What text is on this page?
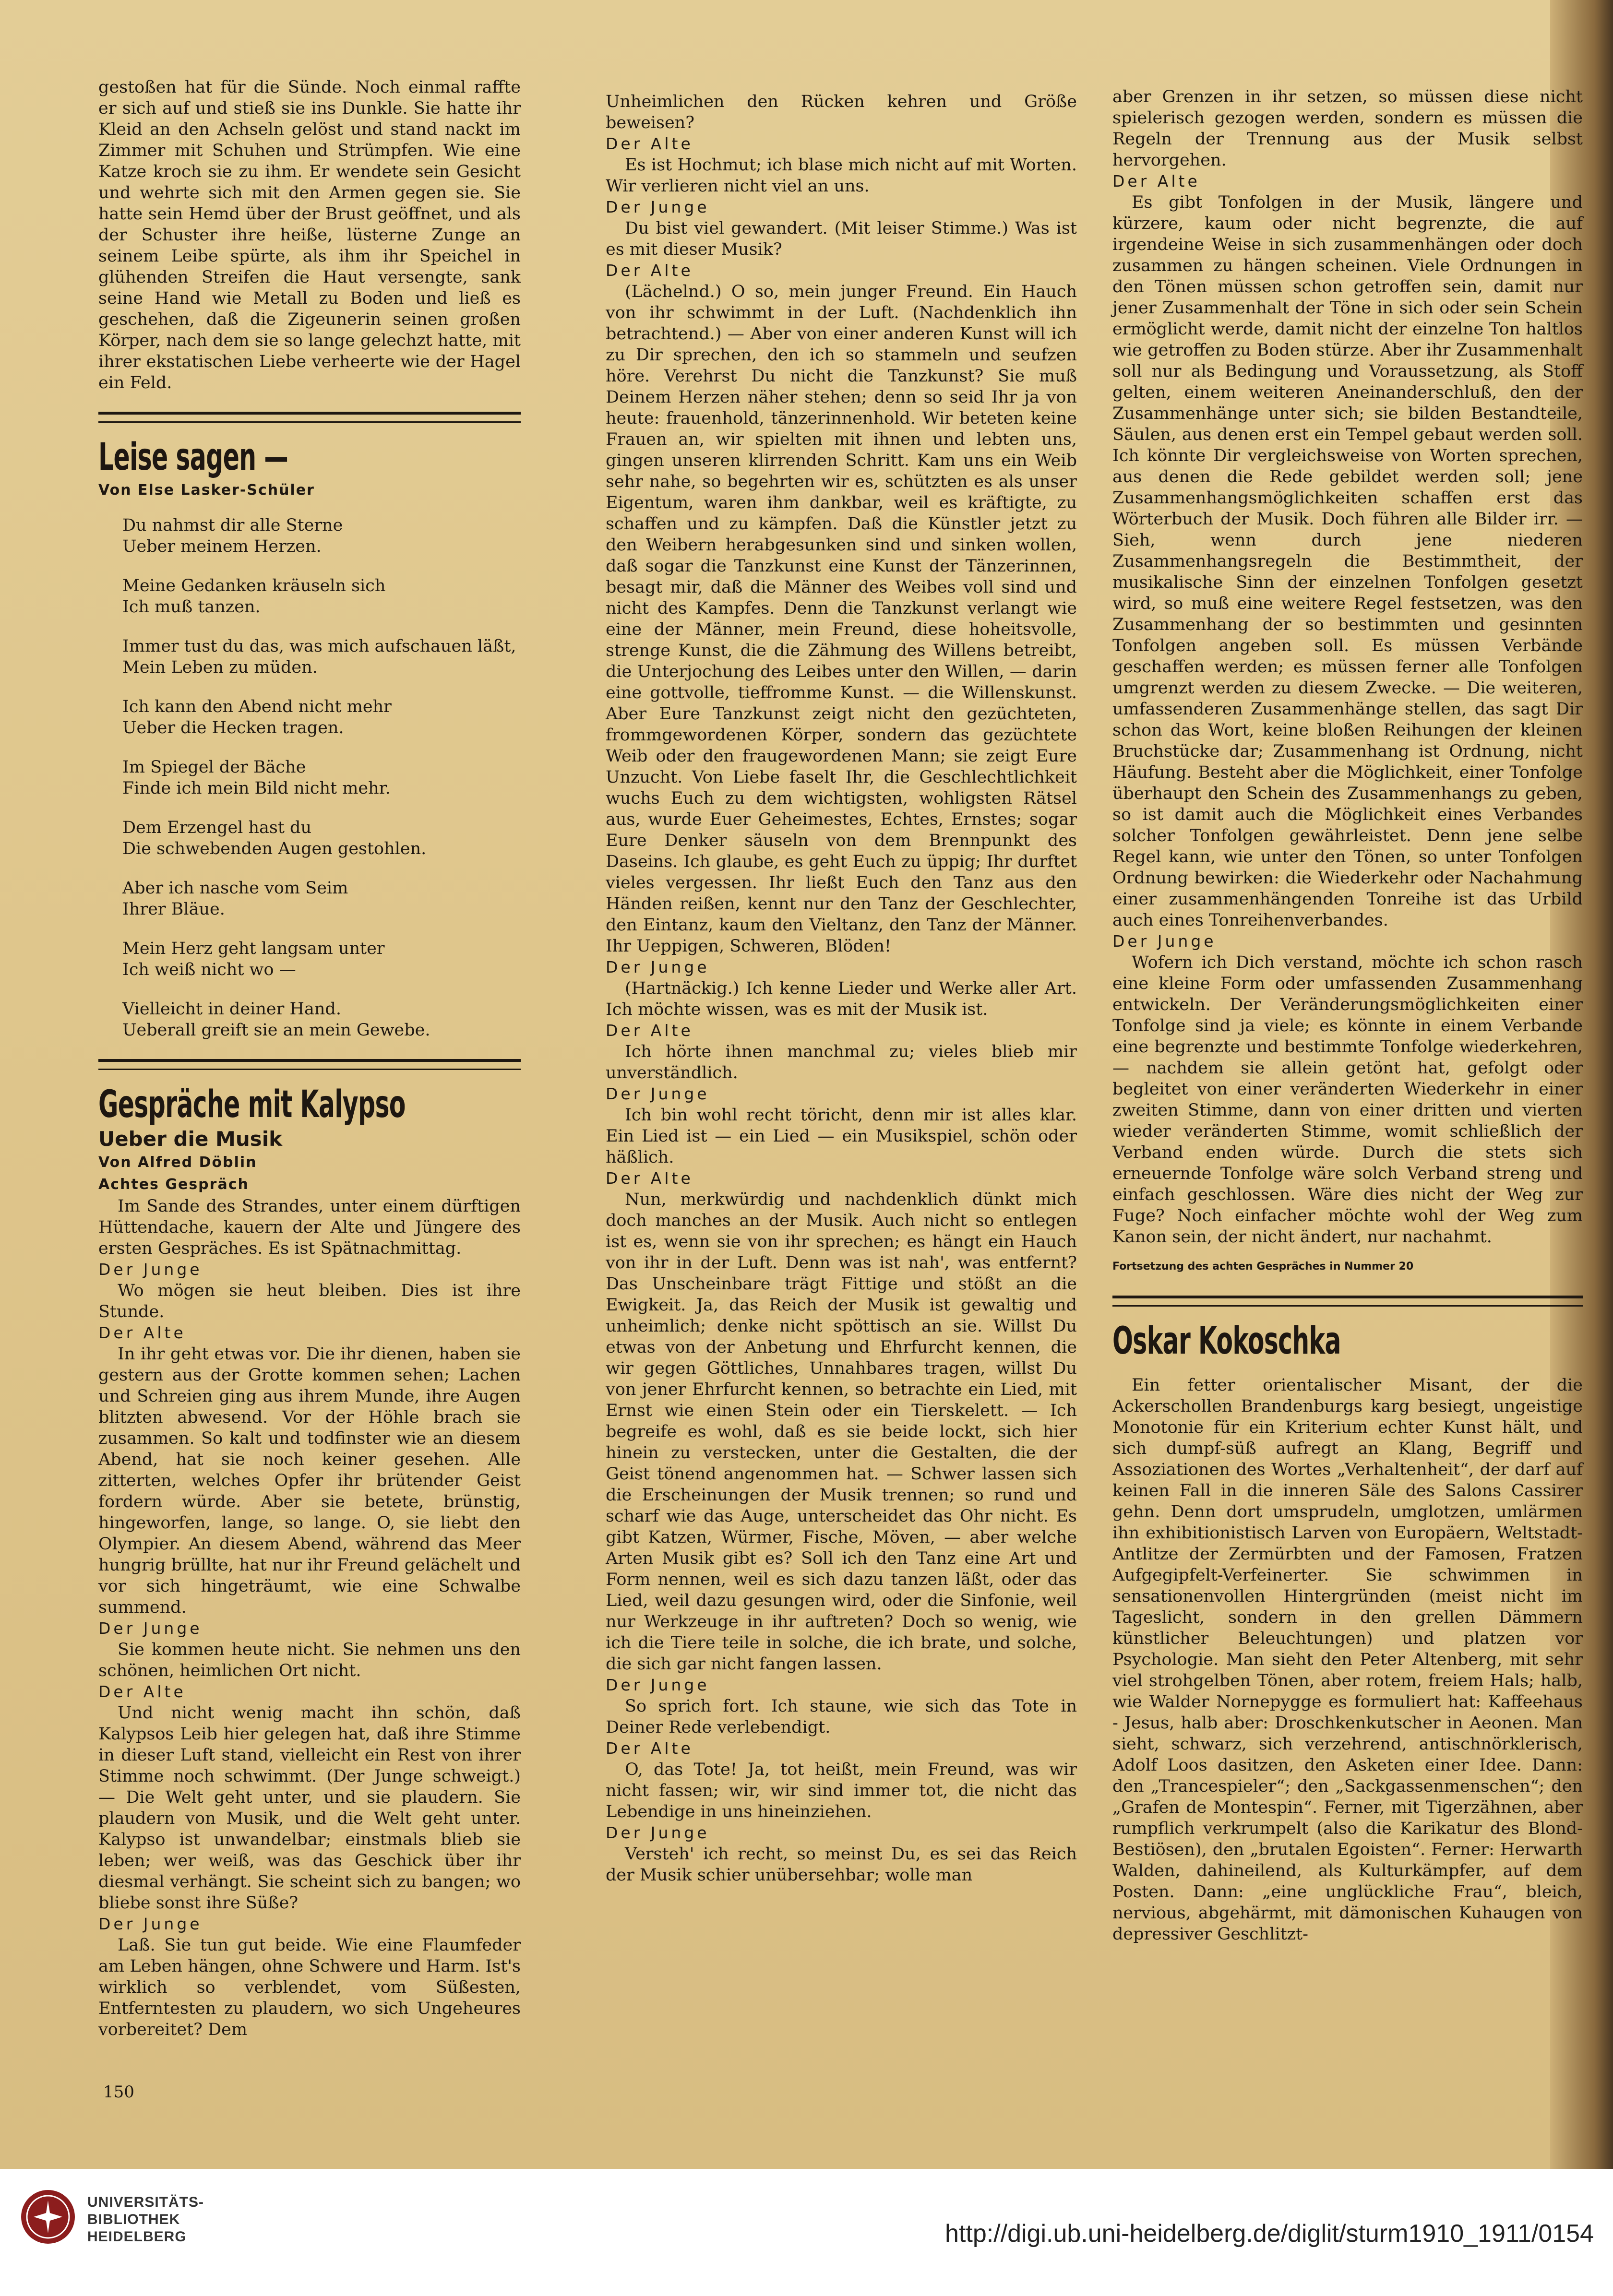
gestoßen hat für die Sünde. Noch einmal raffte er sich auf und stieß sie ins Dunkle. Sie hatte ihr Kleid an den Achseln gelöst und stand nackt im Zimmer mit Schuhen und Strümpfen. Wie eine Katze kroch sie zu ihm. Er wendete sein Gesicht und wehrte sich mit den Armen gegen sie. Sie hatte sein Hemd über der Brust geöffnet, und als der Schuster ihre heiße, lüsterne Zunge an seinem Leibe spürte, als ihm ihr Speichel in glühenden Streifen die Haut versengte, sank seine Hand wie Metall zu Boden und ließ es geschehen, daß die Zigeunerin seinen großen Körper, nach dem sie so lange gelechzt hatte, mit ihrer ekstatischen Liebe verheerte wie der Hagel ein Feld.

Leise sagen —
Von Else Lasker-Schüler

Du nahmst dir alle Sterne

Ueber meinem Herzen.

Meine Gedanken kräuseln sich

Ich muß tanzen.

Immer tust du das, was mich aufschauen läßt,

Mein Leben zu müden.

Ich kann den Abend nicht mehr

Ueber die Hecken tragen.

Im Spiegel der Bäche

Finde ich mein Bild nicht mehr.

Dem Erzengel hast du

Die schwebenden Augen gestohlen.

Aber ich nasche vom Seim

Ihrer Bläue.

Mein Herz geht langsam unter

Ich weiß nicht wo —

Vielleicht in deiner Hand.

Ueberall greift sie an mein Gewebe.

Gespräche mit Kalypso
Ueber die Musik
Von Alfred Döblin
Achtes Gespräch

Im Sande des Strandes, unter einem dürftigen Hüttendache, kauern der Alte und Jüngere des ersten Gespräches. Es ist Spätnachmittag.

Der Junge

Wo mögen sie heut bleiben. Dies ist ihre Stunde.

Der Alte

In ihr geht etwas vor. Die ihr dienen, haben sie gestern aus der Grotte kommen sehen; Lachen und Schreien ging aus ihrem Munde, ihre Augen blitzten abwesend. Vor der Höhle brach sie zusammen. So kalt und todfinster wie an diesem Abend, hat sie noch keiner gesehen. Alle zitterten, welches Opfer ihr brütender Geist fordern würde. Aber sie betete, brünstig, hingeworfen, lange, so lange. O, sie liebt den Olympier. An diesem Abend, während das Meer hungrig brüllte, hat nur ihr Freund gelächelt und vor sich hingeträumt, wie eine Schwalbe summend.

Der Junge

Sie kommen heute nicht. Sie nehmen uns den schönen, heimlichen Ort nicht.

Der Alte

Und nicht wenig macht ihn schön, daß Kalypsos Leib hier gelegen hat, daß ihre Stimme in dieser Luft stand, vielleicht ein Rest von ihrer Stimme noch schwimmt. (Der Junge schweigt.) — Die Welt geht unter, und sie plaudern. Sie plaudern von Musik, und die Welt geht unter. Kalypso ist unwandelbar; einstmals blieb sie leben; wer weiß, was das Geschick über ihr diesmal verhängt. Sie scheint sich zu bangen; wo bliebe sonst ihre Süße?

Der Junge

Laß. Sie tun gut beide. Wie eine Flaumfeder am Leben hängen, ohne Schwere und Harm. Ist's wirklich so verblendet, vom Süßesten, Entferntesten zu plaudern, wo sich Ungeheures vorbereitet? Dem

Unheimlichen den Rücken kehren und Größe beweisen?

Der Alte

Es ist Hochmut; ich blase mich nicht auf mit Worten. Wir verlieren nicht viel an uns.

Der Junge

Du bist viel gewandert. (Mit leiser Stimme.) Was ist es mit dieser Musik?

Der Alte

(Lächelnd.) O so, mein junger Freund. Ein Hauch von ihr schwimmt in der Luft. (Nachdenklich ihn betrachtend.) — Aber von einer anderen Kunst will ich zu Dir sprechen, den ich so stammeln und seufzen höre. Verehrst Du nicht die Tanzkunst? Sie muß Deinem Herzen näher stehen; denn so seid Ihr ja von heute: frauenhold, tänzerinnenhold. Wir beteten keine Frauen an, wir spielten mit ihnen und lebten uns, gingen unseren klirrenden Schritt. Kam uns ein Weib sehr nahe, so begehrten wir es, schützten es als unser Eigentum, waren ihm dankbar, weil es kräftigte, zu schaffen und zu kämpfen. Daß die Künstler jetzt zu den Weibern herabgesunken sind und sinken wollen, daß sogar die Tanzkunst eine Kunst der Tänzerinnen, besagt mir, daß die Männer des Weibes voll sind und nicht des Kampfes. Denn die Tanzkunst verlangt wie eine der Männer, mein Freund, diese hoheitsvolle, strenge Kunst, die die Zähmung des Willens betreibt, die Unterjochung des Leibes unter den Willen, — darin eine gottvolle, tieffromme Kunst. — die Willenskunst. Aber Eure Tanzkunst zeigt nicht den gezüchteten, frommgewordenen Körper, sondern das gezüchtete Weib oder den fraugewordenen Mann; sie zeigt Eure Unzucht. Von Liebe faselt Ihr, die Geschlechtlichkeit wuchs Euch zu dem wichtigsten, wohligsten Rätsel aus, wurde Euer Geheimestes, Echtes, Ernstes; sogar Eure Denker säuseln von dem Brennpunkt des Daseins. Ich glaube, es geht Euch zu üppig; Ihr durftet vieles vergessen. Ihr ließt Euch den Tanz aus den Händen reißen, kennt nur den Tanz der Geschlechter, den Eintanz, kaum den Vieltanz, den Tanz der Männer. Ihr Ueppigen, Schweren, Blöden!

Der Junge

(Hartnäckig.) Ich kenne Lieder und Werke aller Art. Ich möchte wissen, was es mit der Musik ist.

Der Alte

Ich hörte ihnen manchmal zu; vieles blieb mir unverständlich.

Der Junge

Ich bin wohl recht töricht, denn mir ist alles klar. Ein Lied ist — ein Lied — ein Musikspiel, schön oder häßlich.

Der Alte

Nun, merkwürdig und nachdenklich dünkt mich doch manches an der Musik. Auch nicht so entlegen ist es, wenn sie von ihr sprechen; es hängt ein Hauch von ihr in der Luft. Denn was ist nah', was entfernt? Das Unscheinbare trägt Fittige und stößt an die Ewigkeit. Ja, das Reich der Musik ist gewaltig und unheimlich; denke nicht spöttisch an sie. Willst Du etwas von der Anbetung und Ehrfurcht kennen, die wir gegen Göttliches, Unnahbares tragen, willst Du von jener Ehrfurcht kennen, so betrachte ein Lied, mit Ernst wie einen Stein oder ein Tierskelett. — Ich begreife es wohl, daß es sie beide lockt, sich hier hinein zu verstecken, unter die Gestalten, die der Geist tönend angenommen hat. — Schwer lassen sich die Erscheinungen der Musik trennen; so rund und scharf wie das Auge, unterscheidet das Ohr nicht. Es gibt Katzen, Würmer, Fische, Möven, — aber welche Arten Musik gibt es? Soll ich den Tanz eine Art und Form nennen, weil es sich dazu tanzen läßt, oder das Lied, weil dazu gesungen wird, oder die Sinfonie, weil nur Werkzeuge in ihr auftreten? Doch so wenig, wie ich die Tiere teile in solche, die ich brate, und solche, die sich gar nicht fangen lassen.

Der Junge

So sprich fort. Ich staune, wie sich das Tote in Deiner Rede verlebendigt.

Der Alte

O, das Tote! Ja, tot heißt, mein Freund, was wir nicht fassen; wir, wir sind immer tot, die nicht das Lebendige in uns hineinziehen.

Der Junge

Versteh' ich recht, so meinst Du, es sei das Reich der Musik schier unübersehbar; wolle man

aber Grenzen in ihr setzen, so müssen diese nicht spielerisch gezogen werden, sondern es müssen die Regeln der Trennung aus der Musik selbst hervorgehen.

Der Alte

Es gibt Tonfolgen in der Musik, längere und kürzere, kaum oder nicht begrenzte, die auf irgendeine Weise in sich zusammenhängen oder doch zusammen zu hängen scheinen. Viele Ordnungen in den Tönen müssen schon getroffen sein, damit nur jener Zusammenhalt der Töne in sich oder sein Schein ermöglicht werde, damit nicht der einzelne Ton haltlos wie getroffen zu Boden stürze. Aber ihr Zusammenhalt soll nur als Bedingung und Voraussetzung, als Stoff gelten, einem weiteren Aneinanderschluß, den der Zusammenhänge unter sich; sie bilden Bestandteile, Säulen, aus denen erst ein Tempel gebaut werden soll. Ich könnte Dir vergleichsweise von Worten sprechen, aus denen die Rede gebildet werden soll; jene Zusammenhangsmöglichkeiten schaffen erst das Wörterbuch der Musik. Doch führen alle Bilder irr. — Sieh, wenn durch jene niederen Zusammenhangsregeln die Bestimmtheit, der musikalische Sinn der einzelnen Tonfolgen gesetzt wird, so muß eine weitere Regel festsetzen, was den Zusammenhang der so bestimmten und gesinnten Tonfolgen angeben soll. Es müssen Verbände geschaffen werden; es müssen ferner alle Tonfolgen umgrenzt werden zu diesem Zwecke. — Die weiteren, umfassenderen Zusammenhänge stellen, das sagt Dir schon das Wort, keine bloßen Reihungen der kleinen Bruchstücke dar; Zusammenhang ist Ordnung, nicht Häufung. Besteht aber die Möglichkeit, einer Tonfolge überhaupt den Schein des Zusammenhangs zu geben, so ist damit auch die Möglichkeit eines Verbandes solcher Tonfolgen gewährleistet. Denn jene selbe Regel kann, wie unter den Tönen, so unter Tonfolgen Ordnung bewirken: die Wiederkehr oder Nachahmung einer zusammenhängenden Tonreihe ist das Urbild auch eines Tonreihenverbandes.

Der Junge

Wofern ich Dich verstand, möchte ich schon rasch eine kleine Form oder umfassenden Zusammenhang entwickeln. Der Veränderungsmöglichkeiten einer Tonfolge sind ja viele; es könnte in einem Verbande eine begrenzte und bestimmte Tonfolge wiederkehren, — nachdem sie allein getönt hat, gefolgt oder begleitet von einer veränderten Wiederkehr in einer zweiten Stimme, dann von einer dritten und vierten wieder veränderten Stimme, womit schließlich der Verband enden würde. Durch die stets sich erneuernde Tonfolge wäre solch Verband streng und einfach geschlossen. Wäre dies nicht der Weg zur Fuge? Noch einfacher möchte wohl der Weg zum Kanon sein, der nicht ändert, nur nachahmt.

Fortsetzung des achten Gespräches in Nummer 20
Oskar Kokoschka

Ein fetter orientalischer Misant, der die Ackerschollen Brandenburgs karg besiegt, ungeistige Monotonie für ein Kriterium echter Kunst hält, und sich dumpf-süß aufregt an Klang, Begriff und Assoziationen des Wortes „Verhaltenheit“, der darf auf keinen Fall in die inneren Säle des Salons Cassirer gehn. Denn dort umsprudeln, umglotzen, umlärmen ihn exhibitionistisch Larven von Europäern, Weltstadt-Antlitze der Zermürbten und der Famosen, Fratzen Aufgegipfelt-Verfeinerter. Sie schwimmen in sensationenvollen Hintergründen (meist nicht im Tageslicht, sondern in den grellen Dämmern künstlicher Beleuchtungen) und platzen vor Psychologie. Man sieht den Peter Altenberg, mit sehr viel strohgelben Tönen, aber rotem, freiem Hals; halb, wie Walder Nornepygge es formuliert hat: Kaffeehaus - Jesus, halb aber: Droschkenkutscher in Aeonen. Man sieht, schwarz, sich verzehrend, antischnörklerisch, Adolf Loos dasitzen, den Asketen einer Idee. Dann: den „Trancespieler“; den „Sackgassenmenschen“; den „Grafen de Montespin“. Ferner, mit Tigerzähnen, aber rumpflich verkrumpelt (also die Karikatur des Blond-Bestiösen), den „brutalen Egoisten“. Ferner: Herwarth Walden, dahineilend, als Kulturkämpfer, auf dem Posten. Dann: „eine unglückliche Frau“, bleich, nervious, abgehärmt, mit dämonischen Kuhaugen von depressiver Geschlitzt-

150
UNIVERSITÄTS-
BIBLIOTHEK
HEIDELBERG	http://digi.ub.uni-heidelberg.de/diglit/sturm1910_1911/0154
